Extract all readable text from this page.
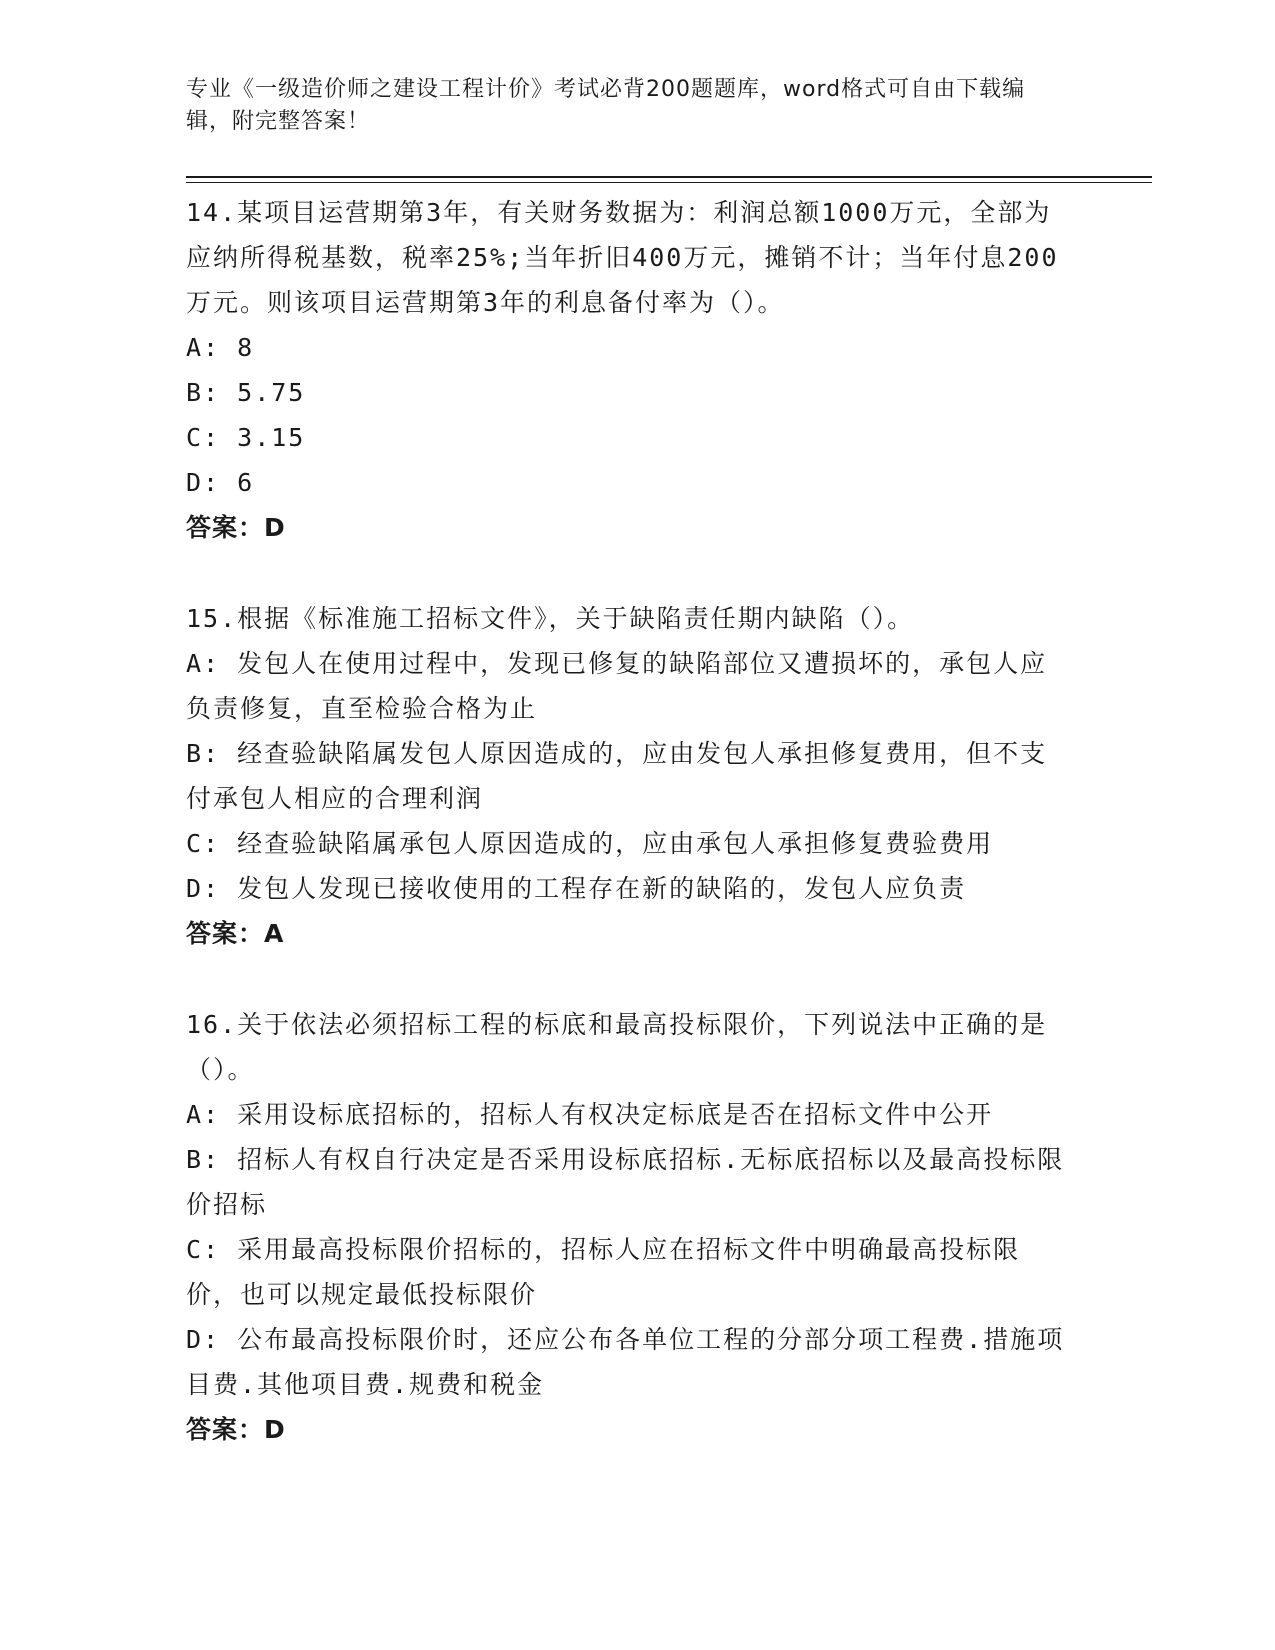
专业《一级造价师之建设工程计价》考试必背200题题库，word格式可自由下载编辑，附完整答案！

14.某项目运营期第3年，有关财务数据为：利润总额1000万元，全部为应纳所得税基数，税率25%;当年折旧400万元，摊销不计；当年付息200万元。则该项目运营期第3年的利息备付率为（）。

A: 8

B: 5.75

C: 3.15

D: 6

答案：D

15.根据《标准施工招标文件》，关于缺陷责任期内缺陷（）。

A: 发包人在使用过程中，发现已修复的缺陷部位又遭损坏的，承包人应负责修复，直至检验合格为止

B: 经查验缺陷属发包人原因造成的，应由发包人承担修复费用，但不支付承包人相应的合理利润

C: 经查验缺陷属承包人原因造成的，应由承包人承担修复费验费用

D: 发包人发现已接收使用的工程存在新的缺陷的，发包人应负责

答案：A

16.关于依法必须招标工程的标底和最高投标限价，下列说法中正确的是（）。

A: 采用设标底招标的，招标人有权决定标底是否在招标文件中公开

B: 招标人有权自行决定是否采用设标底招标.无标底招标以及最高投标限价招标

C: 采用最高投标限价招标的，招标人应在招标文件中明确最高投标限价，也可以规定最低投标限价

D: 公布最高投标限价时，还应公布各单位工程的分部分项工程费.措施项目费.其他项目费.规费和税金

答案：D
